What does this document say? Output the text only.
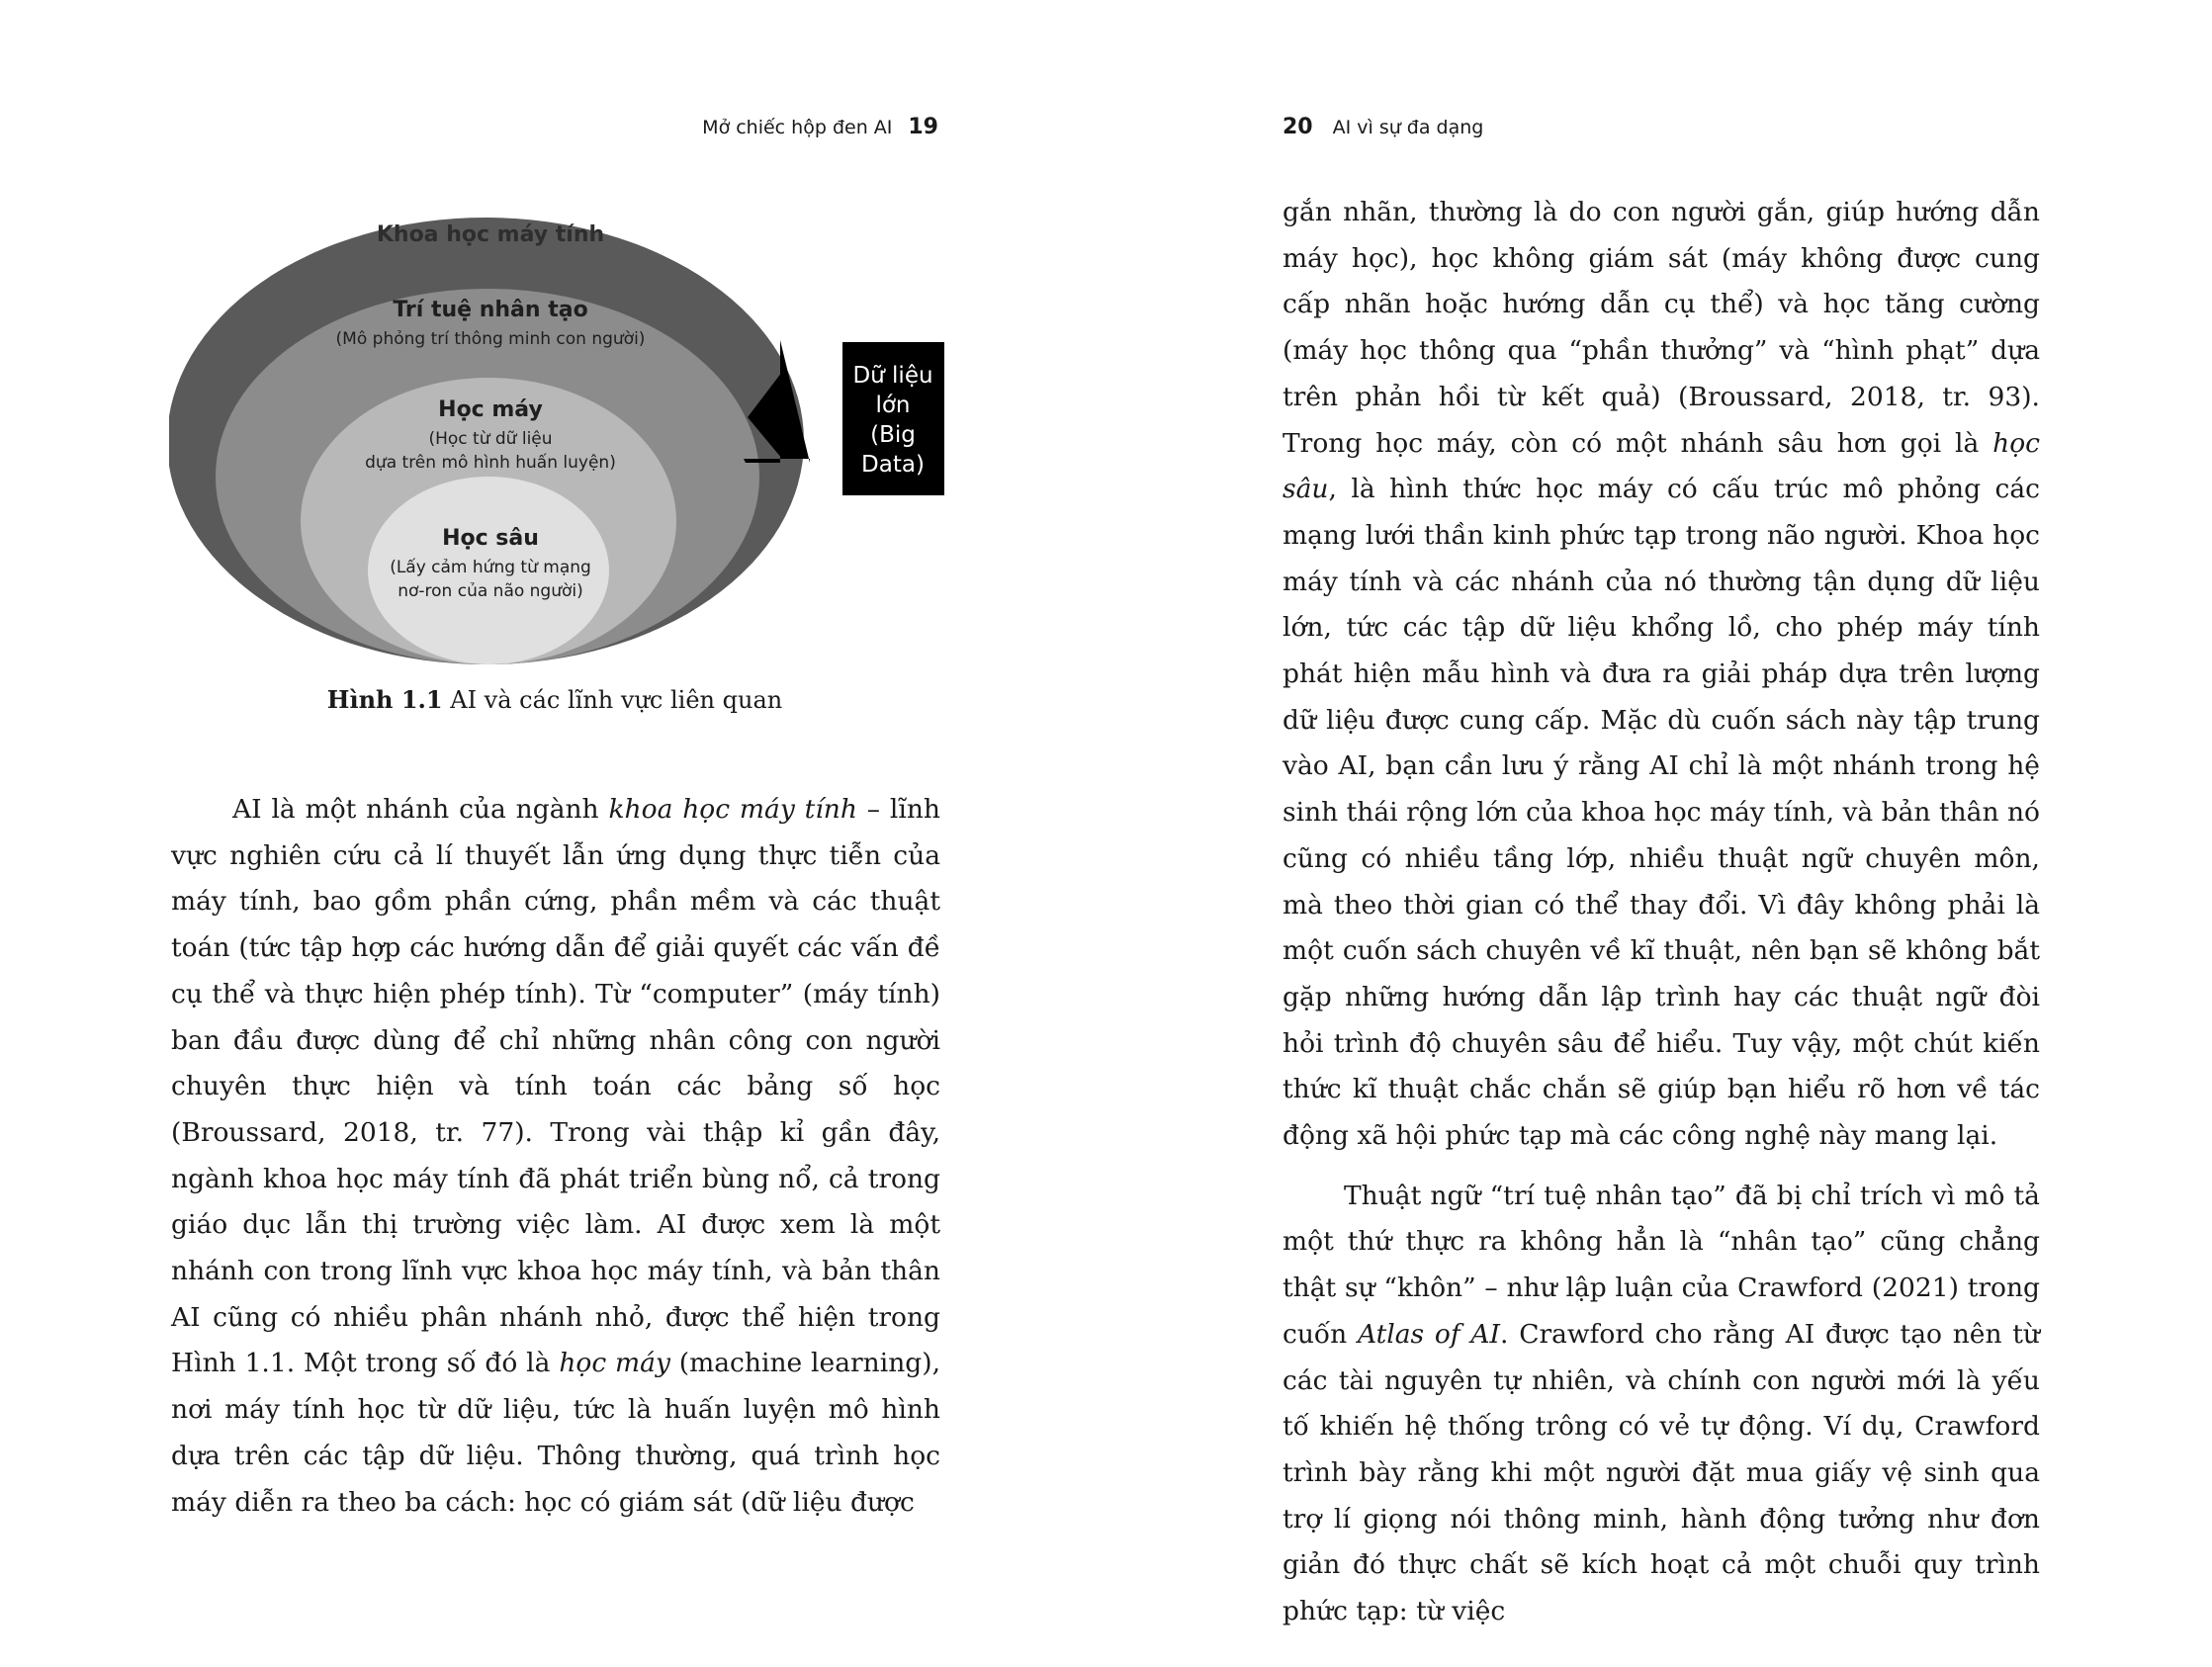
Mở chiếc hộp đen AI 19
Khoa học máy tính
Trí tuệ nhân tạo
(Mô phỏng trí thông minh con người)
Học máy
(Học từ dữ liệu
dựa trên mô hình huấn luyện)
Học sâu
(Lấy cảm hứng từ mạng
nơ-ron của não người)
Dữ liệu
lớn
(Big
Data)
Hình 1.1 AI và các lĩnh vực liên quan

AI là một nhánh của ngành khoa học máy tính – lĩnh vực nghiên cứu cả lí thuyết lẫn ứng dụng thực tiễn của máy tính, bao gồm phần cứng, phần mềm và các thuật toán (tức tập hợp các hướng dẫn để giải quyết các vấn đề cụ thể và thực hiện phép tính). Từ “computer” (máy tính) ban đầu được dùng để chỉ những nhân công con người chuyên thực hiện và tính toán các bảng số học (Broussard, 2018, tr. 77). Trong vài thập kỉ gần đây, ngành khoa học máy tính đã phát triển bùng nổ, cả trong giáo dục lẫn thị trường việc làm. AI được xem là một nhánh con trong lĩnh vực khoa học máy tính, và bản thân AI cũng có nhiều phân nhánh nhỏ, được thể hiện trong Hình 1.1. Một trong số đó là học máy (machine learning), nơi máy tính học từ dữ liệu, tức là huấn luyện mô hình dựa trên các tập dữ liệu. Thông thường, quá trình học máy diễn ra theo ba cách: học có giám sát (dữ liệu được

20 AI vì sự đa dạng

gắn nhãn, thường là do con người gắn, giúp hướng dẫn máy học), học không giám sát (máy không được cung cấp nhãn hoặc hướng dẫn cụ thể) và học tăng cường (máy học thông qua “phần thưởng” và “hình phạt” dựa trên phản hồi từ kết quả) (Broussard, 2018, tr. 93). Trong học máy, còn có một nhánh sâu hơn gọi là học sâu, là hình thức học máy có cấu trúc mô phỏng các mạng lưới thần kinh phức tạp trong não người. Khoa học máy tính và các nhánh của nó thường tận dụng dữ liệu lớn, tức các tập dữ liệu khổng lồ, cho phép máy tính phát hiện mẫu hình và đưa ra giải pháp dựa trên lượng dữ liệu được cung cấp. Mặc dù cuốn sách này tập trung vào AI, bạn cần lưu ý rằng AI chỉ là một nhánh trong hệ sinh thái rộng lớn của khoa học máy tính, và bản thân nó cũng có nhiều tầng lớp, nhiều thuật ngữ chuyên môn, mà theo thời gian có thể thay đổi. Vì đây không phải là một cuốn sách chuyên về kĩ thuật, nên bạn sẽ không bắt gặp những hướng dẫn lập trình hay các thuật ngữ đòi hỏi trình độ chuyên sâu để hiểu. Tuy vậy, một chút kiến thức kĩ thuật chắc chắn sẽ giúp bạn hiểu rõ hơn về tác động xã hội phức tạp mà các công nghệ này mang lại.

Thuật ngữ “trí tuệ nhân tạo” đã bị chỉ trích vì mô tả một thứ thực ra không hẳn là “nhân tạo” cũng chẳng thật sự “khôn” – như lập luận của Crawford (2021) trong cuốn Atlas of AI. Crawford cho rằng AI được tạo nên từ các tài nguyên tự nhiên, và chính con người mới là yếu tố khiến hệ thống trông có vẻ tự động. Ví dụ, Crawford trình bày rằng khi một người đặt mua giấy vệ sinh qua trợ lí giọng nói thông minh, hành động tưởng như đơn giản đó thực chất sẽ kích hoạt cả một chuỗi quy trình phức tạp: từ việc
